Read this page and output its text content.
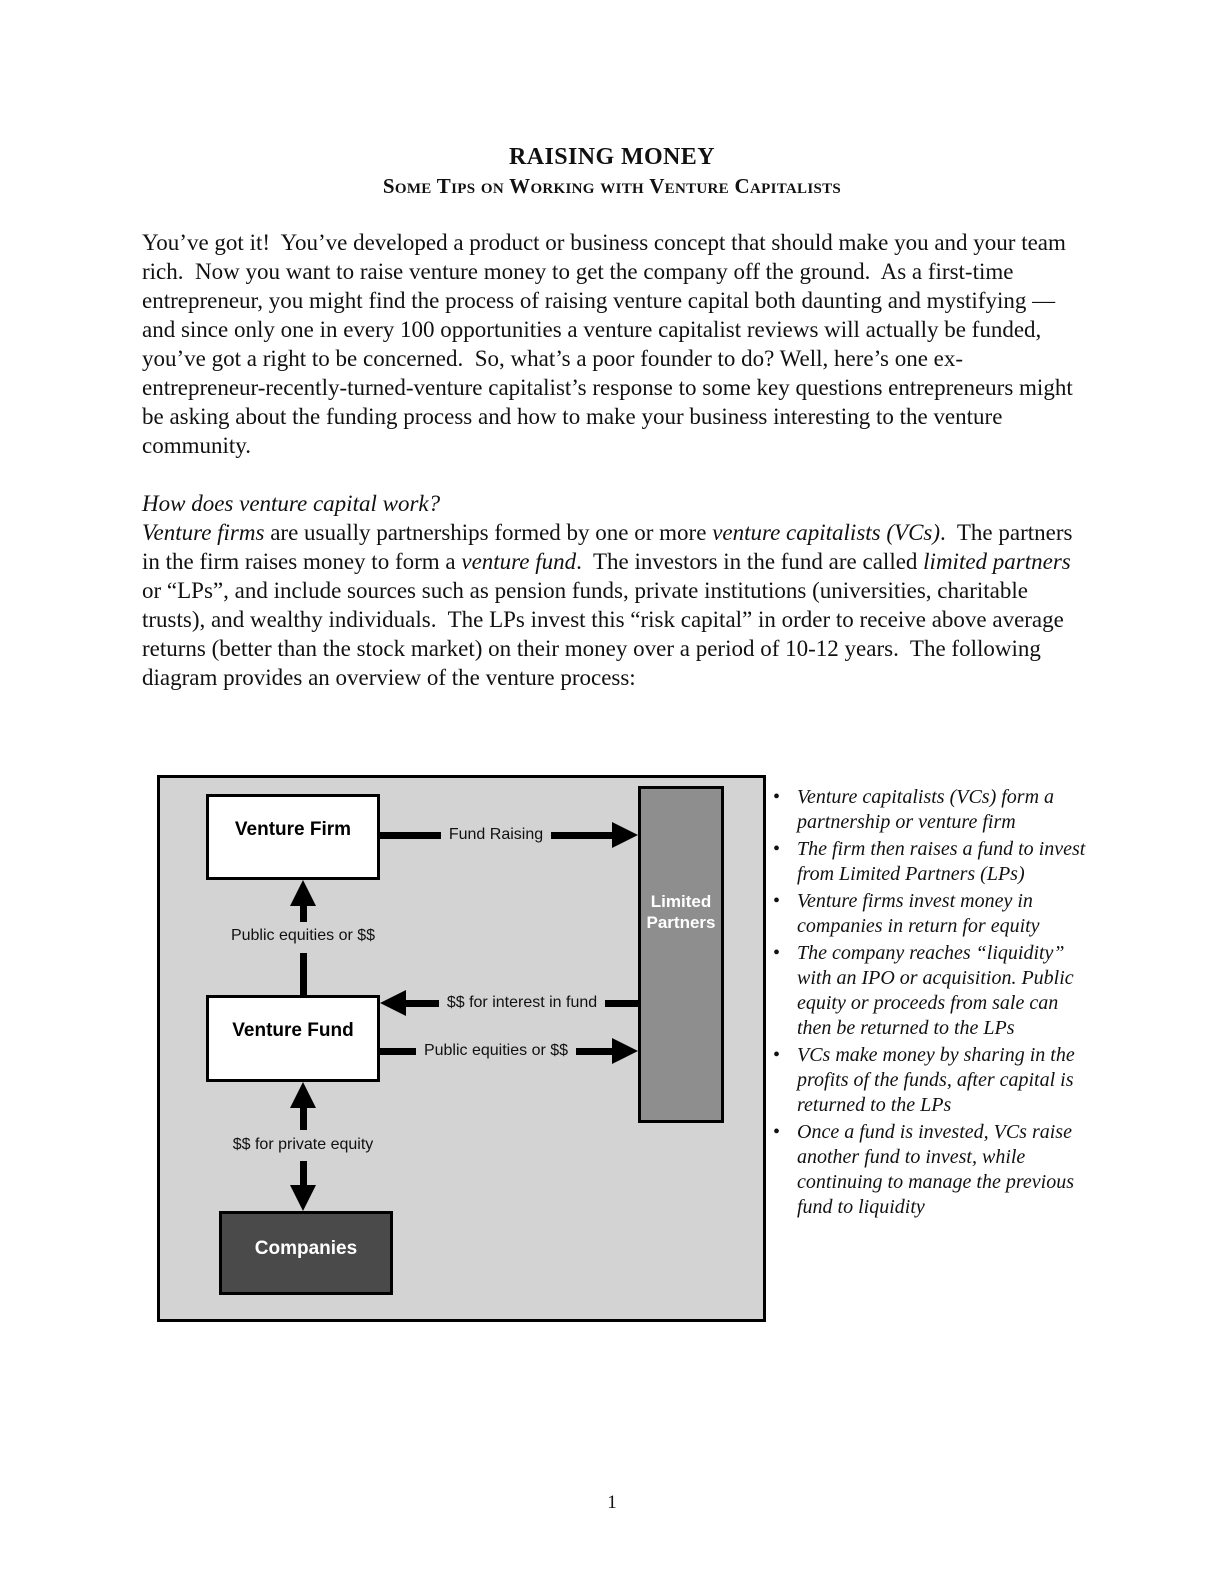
RAISING MONEY
Some Tips on Working with Venture Capitalists

You’ve got it!  You’ve developed a product or business concept that should make you and your team rich.  Now you want to raise venture money to get the company off the ground.  As a first-time entrepreneur, you might find the process of raising venture capital both daunting and mystifying —and since only one in every 100 opportunities a venture capitalist reviews will actually be funded, you’ve got a right to be concerned.  So, what’s a poor founder to do? Well, here’s one ex-entrepreneur-recently-turned-venture capitalist’s response to some key questions entrepreneurs might be asking about the funding process and how to make your business interesting to the venture community.

How does venture capital work?

Venture firms are usually partnerships formed by one or more venture capitalists (VCs).  The partners in the firm raises money to form a venture fund.  The investors in the fund are called limited partners or “LPs”, and include sources such as pension funds, private institutions (universities, charitable trusts), and wealthy individuals.  The LPs invest this “risk capital” in order to receive above average returns (better than the stock market) on their money over a period of 10-12 years.  The following diagram provides an overview of the venture process:

Venture Firm
Venture Fund
Limited
Partners
Companies
Fund Raising
Public equities or $$
$$ for interest in fund
Public equities or $$
$$ for private equity
• Venture capitalists (VCs) form a partnership or venture firm
• The firm then raises a fund to invest from Limited Partners (LPs)
• Venture firms invest money in companies in return for equity
• The company reaches “liquidity” with an IPO or acquisition. Public equity or proceeds from sale can then be returned to the LPs
• VCs make money by sharing in the profits of the funds, after capital is returned to the LPs
• Once a fund is invested, VCs raise another fund to invest, while continuing to manage the previous fund to liquidity
1
